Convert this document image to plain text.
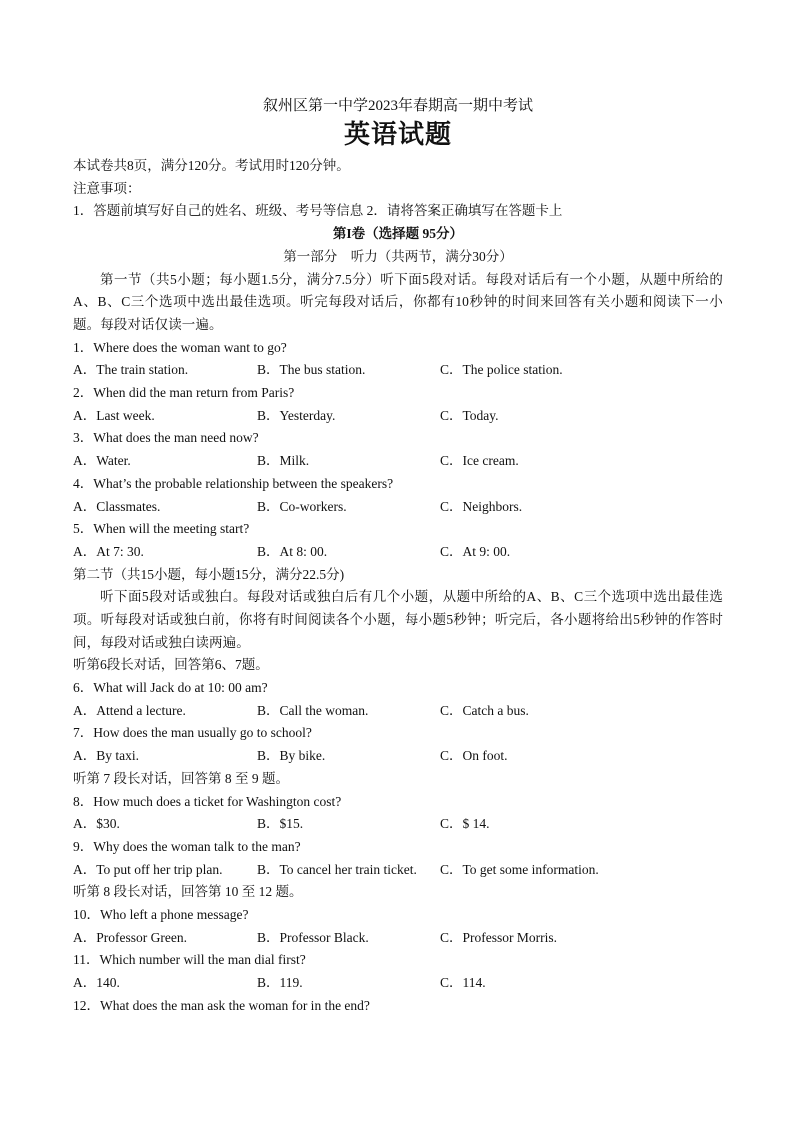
叙州区第一中学2023年春期高一期中考试

英语试题

本试卷共8页，满分120分。考试用时120分钟。

注意事项：

1．答题前填写好自己的姓名、班级、考号等信息 2．请将答案正确填写在答题卡上

第I卷（选择题 95分）

第一部分　听力（共两节，满分30分）

第一节（共5小题；每小题1.5分，满分7.5分）听下面5段对话。每段对话后有一个小题，从题中所给的A、B、C三个选项中选出最佳选项。听完每段对话后，你都有10秒钟的时间来回答有关小题和阅读下一小题。每段对话仅读一遍。

1．Where does the woman want to go?

A．The train station.	B．The bus station.	C．The police station.

2．When did the man return from Paris?

A．Last week.	B．Yesterday.	C．Today.

3．What does the man need now?

A．Water.	B．Milk.	C．Ice cream.

4．What’s the probable relationship between the speakers?

A．Classmates.	B．Co-workers.	C．Neighbors.

5．When will the meeting start?

A．At 7: 30.	B．At 8: 00.	C．At 9: 00.

第二节（共15小题，每小题15分，满分22.5分)

听下面5段对话或独白。每段对话或独白后有几个小题，从题中所给的A、B、C三个选项中选出最佳选项。听每段对话或独白前，你将有时间阅读各个小题，每小题5秒钟；听完后，各小题将给出5秒钟的作答时间，每段对话或独白读两遍。

听第6段长对话，回答第6、7题。

6．What will Jack do at 10: 00 am?

A．Attend a lecture.	B．Call the woman.	C．Catch a bus.

7．How does the man usually go to school?

A．By taxi.	B．By bike.	C．On foot.

听第 7 段长对话，回答第 8 至 9 题。

8．How much does a ticket for Washington cost?

A．$30.	B．$15.	C．$ 14.

9．Why does the woman talk to the man?

A．To put off her trip plan.	B．To cancel her train ticket. C．To get some information.

听第 8 段长对话，回答第 10 至 12 题。

10．Who left a phone message?

A．Professor Green.	B．Professor Black.	C．Professor Morris.

11．Which number will the man dial first?

A．140.	B．119.	C．114.

12．What does the man ask the woman for in the end?
